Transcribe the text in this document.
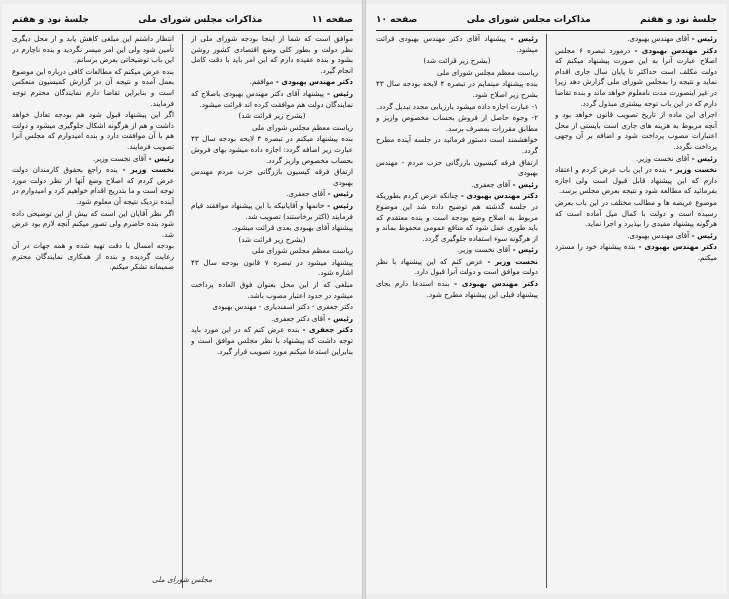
صفحه ۱۱
مذاکرات مجلس شورای ملی
جلسهٔ نود و هفتم

موافق است که شما از اینجا بودجه شورای ملی از نظر دولت و بطور کلی وضع اقتصادی کشور روشن بشود و بنده عقیده دارم که این امر باید با دقت کامل انجام گیرد.

دکتر مهندس بهبودی - موافقم.

رئیس - پیشنهاد آقای دکتر مهندس بهبودی باصلاح که نمایندگان دولت هم موافقت کرده اند قرائت میشود.

(بشرح زیر قرائت شد)

ریاست معظم مجلس شورای ملی

بنده پیشنهاد میکنم در تبصره ۴ لایحه بودجه سال ۴۳ عبارت زیر اضافه گردد: اجازه داده میشود بهای فروش بحساب مخصوص واریز گردد.

ارتفاق فرقه کیسیون بازرگانی حزب مردم مهندس بهبودی

رئیس - آقای جعفری.

رئیس - خانمها و آقایانیکه با این پیشنهاد موافقند قیام فرمایند (اکثر برخاستند) تصویب شد.

پیشنهاد آقای بهبودی بعدی قرائت میشود.

(بشرح زیر قرائت شد)

ریاست معظم مجلس شورای ملی

پیشنهاد میشود در تبصره ۷ قانون بودجه سال ۴۳ اشاره شود.

مبلغی که از این محل بعنوان فوق العاده پرداخت میشود در حدود اعتبار مصوب باشد.

دکتر جعفری - دکتر اسفندیاری - مهندس بهبودی

رئیس - آقای دکتر جعفری.

دکتر جعفری - بنده عرض کنم که در این مورد باید توجه داشت که پیشنهاد با نظر مجلس موافق است و بنابراین استدعا میکنم مورد تصویب قرار گیرد.

انتظار داشتم این مبلغی کاهش یابد و از محل دیگری تأمین شود ولی این امر میسر نگردید و بنده ناچارم در این باب توضیحاتی بعرض برسانم.

بنده عرض میکنم که مطالعات کافی درباره این موضوع بعمل آمده و نتیجه آن در گزارش کمیسیون منعکس است و بنابراین تقاضا دارم نمایندگان محترم توجه فرمایند.

اگر این پیشنهاد قبول شود هم بودجه تعادل خواهد داشت و هم از هرگونه اشکال جلوگیری میشود و دولت هم با آن موافقت دارد و بنده امیدوارم که مجلس آنرا تصویب فرمایند.

رئیس - آقای نخست وزیر.

نخست وزیر - بنده راجع بحقوق کارمندان دولت عرض کردم که اصلاح وضع آنها از نظر دولت مورد توجه است و ما بتدریج اقدام خواهیم کرد و امیدوارم در آینده نزدیک نتیجه آن معلوم شود.

اگر نظر آقایان این است که بیش از این توضیحی داده شود بنده حاضرم ولی تصور میکنم آنچه لازم بود عرض شد.

بودجه امسال با دقت تهیه شده و همه جهات در آن رعایت گردیده و بنده از همکاری نمایندگان محترم صمیمانه تشکر میکنم.

مجلس شورای ملی
جلسهٔ نود و هفتم
مذاکرات مجلس شورای ملی
صفحه ۱۰

رئیس - آقای مهندس بهبودی.

دکتر مهندس بهبودی - درمورد تبصره ۶ مجلس اصلاح عبارت آنرا به این صورت پیشنهاد میکنم که دولت مکلف است حداکثر تا پایان سال جاری اقدام نماید و نتیجه را بمجلس شورای ملی گزارش دهد زیرا در غیر اینصورت مدت نامعلوم خواهد ماند و بنده تقاضا دارم که در این باب توجه بیشتری مبذول گردد.

اجرای این ماده از تاریخ تصویب قانون خواهد بود و آنچه مربوط به هزینه های جاری است بایستی از محل اعتبارات مصوب پرداخت شود و اضافه بر آن وجهی پرداخت نگردد.

رئیس - آقای نخست وزیر.

نخست وزیر - بنده در این باب عرض کردم و اعتقاد دارم که این پیشنهاد قابل قبول است ولی اجازه بفرمائید که مطالعه شود و نتیجه بعرض مجلس برسد.

موضوع عریضه ها و مطالب مختلف در این باب بعرض رسیده است و دولت با کمال میل آماده است که هرگونه پیشنهاد مفیدی را بپذیرد و اجرا نماید.

رئیس - آقای مهندس بهبودی.

دکتر مهندس بهبودی - بنده پیشنهاد خود را مسترد میکنم.

رئیس - پیشنهاد آقای دکتر مهندس بهبودی قرائت میشود.

(بشرح زیر قرائت شد)

ریاست معظم مجلس شورای ملی

بنده پیشنهاد مینمایم در تبصره ۴ لایحه بودجه سال ۴۳ بشرح زیر اصلاح شود.

۱- عبارت اجازه داده میشود بارزیابی مجدد تبدیل گردد.

۲- وجوه حاصل از فروش بحساب مخصوص واریز و مطابق مقررات بمصرف برسد.

خواهشمند است دستور فرمائید در جلسه آینده مطرح گردد.

ارتفاق فرقه کیسیون بازرگانی حزب مردم - مهندس بهبودی

رئیس - آقای جعفری.

دکتر مهندس بهبودی - چنانکه عرض کردم بطوریکه در جلسه گذشته هم توضیح داده شد این موضوع مربوط به اصلاح وضع بودجه است و بنده معتقدم که باید طوری عمل شود که منافع عمومی محفوظ بماند و از هرگونه سوء استفاده جلوگیری گردد.

رئیس - آقای نخست وزیر.

نخست وزیر - عرض کنم که این پیشنهاد با نظر دولت موافق است و دولت آنرا قبول دارد.

دکتر مهندس بهبودی - بنده استدعا دارم بجای پیشنهاد قبلی این پیشنهاد مطرح شود.
